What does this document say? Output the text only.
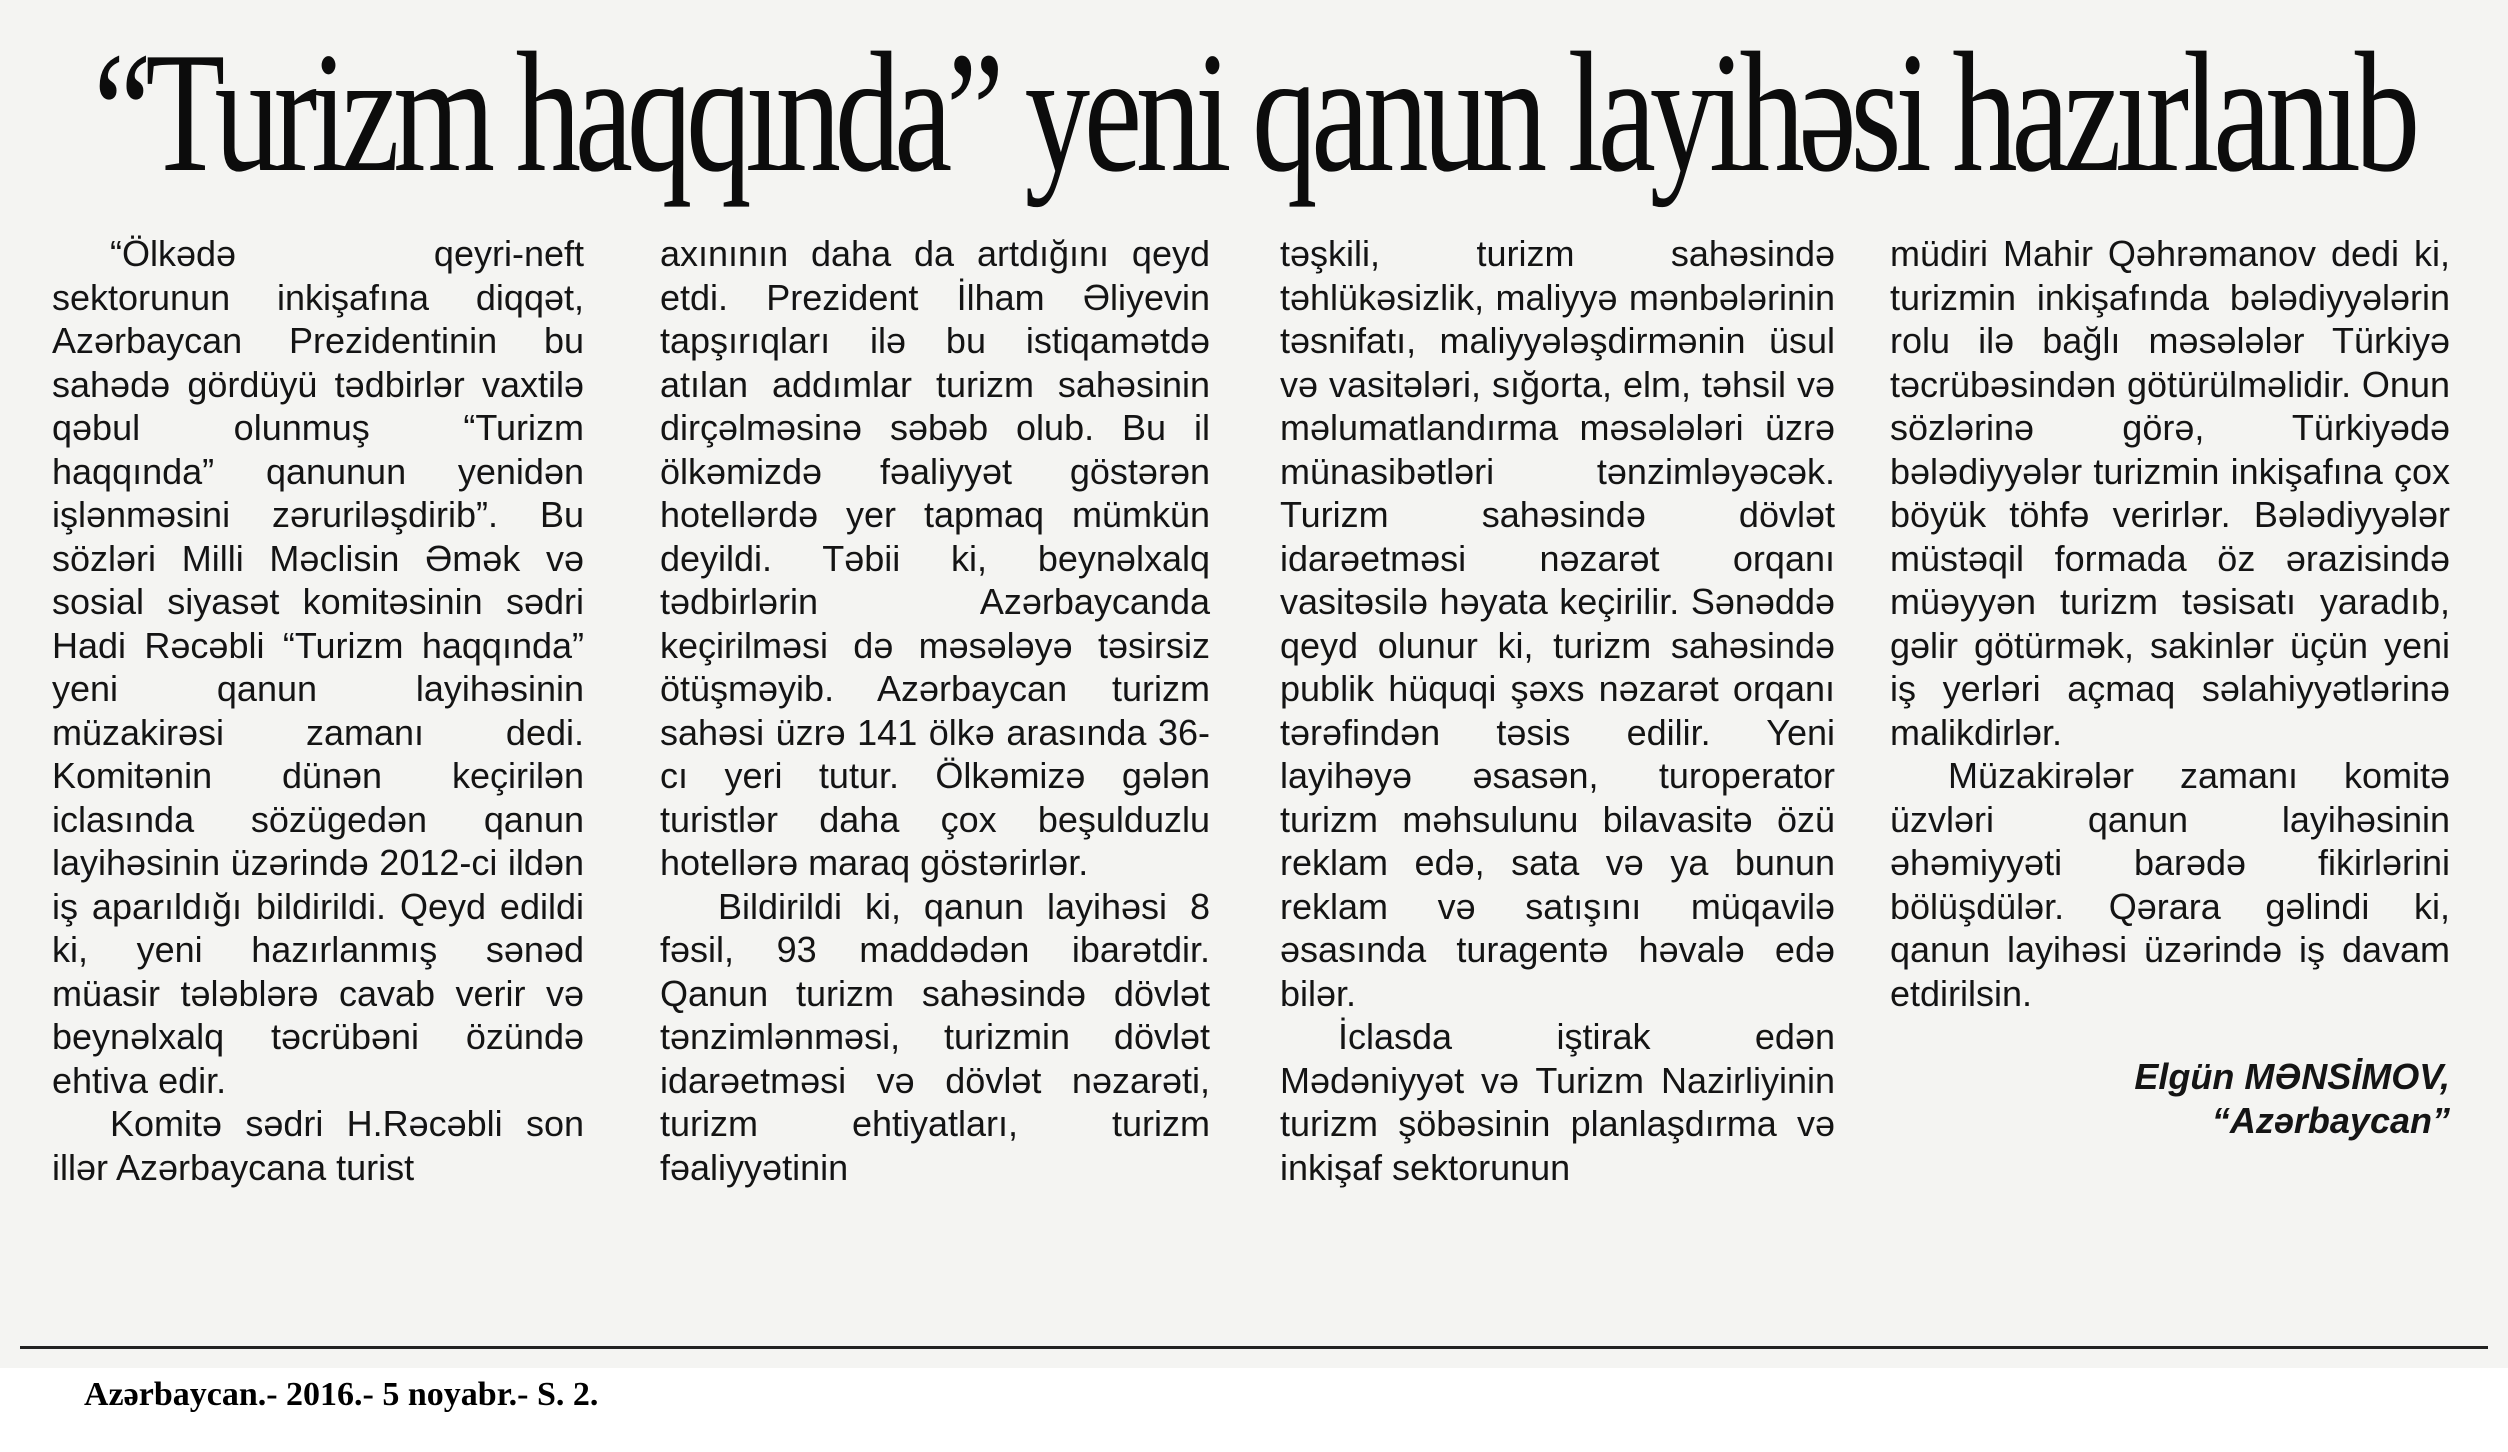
“Turizm haqqında” yeni qanun layihəsi hazırlanıb

“Ölkədə qeyri-neft sektorunun inkişafına diqqət, Azərbaycan Prezidentinin bu sahədə gördüyü tədbirlər vaxtilə qəbul olunmuş “Turizm haqqında” qanunun yenidən işlənməsini zəruriləşdirib”. Bu sözləri Milli Məclisin Əmək və sosial siyasət komitəsinin sədri Hadi Rəcəbli “Turizm haqqında” yeni qanun layihəsinin müzakirəsi zamanı dedi. Komitənin dünən keçirilən iclasında sözügedən qanun layihəsinin üzərində 2012-ci ildən iş aparıldığı bildirildi. Qeyd edildi ki, yeni hazırlanmış sənəd müasir tələblərə cavab verir və beynəlxalq təcrübəni özündə ehtiva edir.

Komitə sədri H.Rəcəbli son illər Azərbaycana turist

axınının daha da artdığını qeyd etdi. Prezident İlham Əliyevin tapşırıqları ilə bu istiqamətdə atılan addımlar turizm sahəsinin dirçəlməsinə səbəb olub. Bu il ölkəmizdə fəaliyyət göstərən hotellərdə yer tapmaq mümkün deyildi. Təbii ki, beynəlxalq tədbirlərin Azərbaycanda keçirilməsi də məsələyə təsirsiz ötüşməyib. Azərbaycan turizm sahəsi üzrə 141 ölkə arasında 36-cı yeri tutur. Ölkəmizə gələn turistlər daha çox beşulduzlu hotellərə maraq göstərirlər.

Bildirildi ki, qanun layihəsi 8 fəsil, 93 maddədən ibarətdir. Qanun turizm sahəsində dövlət tənzimlənməsi, turizmin dövlət idarəetməsi və dövlət nəzarəti, turizm ehtiyatları, turizm fəaliyyətinin

təşkili, turizm sahəsində təhlükəsizlik, maliyyə mənbələrinin təsnifatı, maliyyələşdirmənin üsul və vasitələri, sığorta, elm, təhsil və məlumatlandırma məsələləri üzrə münasibətləri tənzimləyəcək. Turizm sahəsində dövlət idarəetməsi nəzarət orqanı vasitəsilə həyata keçirilir. Sənəddə qeyd olunur ki, turizm sahəsində publik hüquqi şəxs nəzarət orqanı tərəfindən təsis edilir. Yeni layihəyə əsasən, turoperator turizm məhsulunu bilavasitə özü reklam edə, sata və ya bunun reklam və satışını müqavilə əsasında turagentə həvalə edə bilər.

İclasda iştirak edən Mədəniyyət və Turizm Nazirliyinin turizm şöbəsinin planlaşdırma və inkişaf sektorunun

müdiri Mahir Qəhrəmanov dedi ki, turizmin inkişafında bələdiyyələrin rolu ilə bağlı məsələlər Türkiyə təcrübəsindən götürülməlidir. Onun sözlərinə görə, Türkiyədə bələdiyyələr turizmin inkişafına çox böyük töhfə verirlər. Bələdiyyələr müstəqil formada öz ərazisində müəyyən turizm təsisatı yaradıb, gəlir götürmək, sakinlər üçün yeni iş yerləri açmaq səlahiyyətlərinə malikdirlər.

Müzakirələr zamanı komitə üzvləri qanun layihəsinin əhəmiyyəti barədə fikirlərini bölüşdülər. Qərara gəlindi ki, qanun layihəsi üzərində iş davam etdirilsin.

Elgün MƏNSİMOV,
“Azərbaycan”
Azərbaycan.- 2016.- 5 noyabr.- S. 2.
